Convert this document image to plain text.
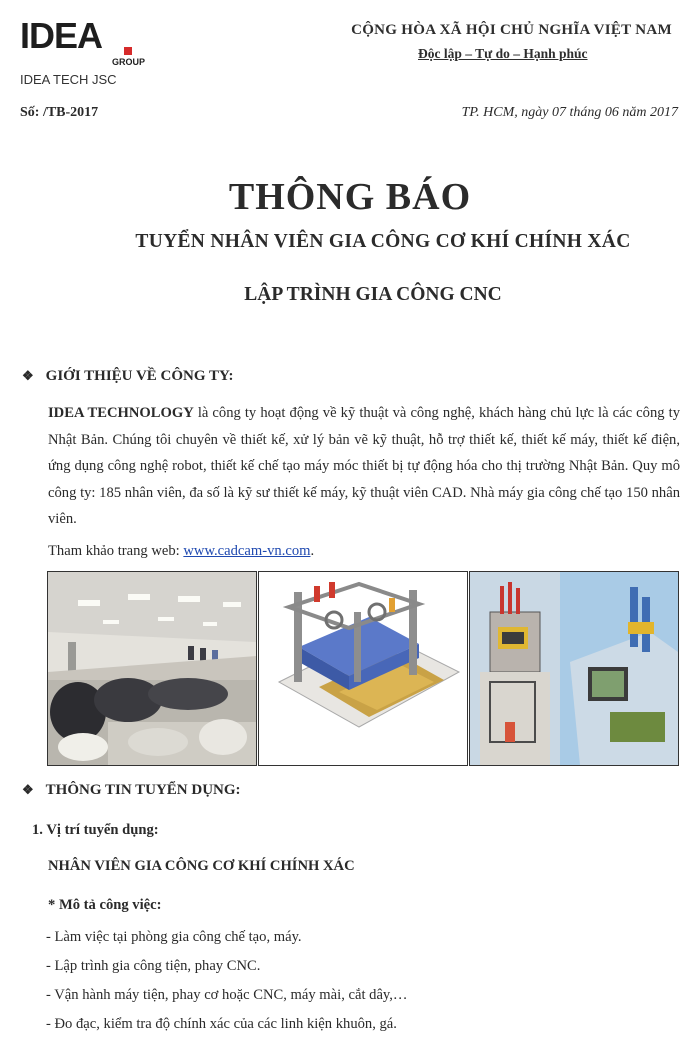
IDEA
GROUP
IDEA TECH JSC
CỘNG HÒA XÃ HỘI CHỦ NGHĨA VIỆT NAM
Độc lập – Tự do – Hạnh phúc
Số: /TB-2017	TP. HCM, ngày 07 tháng 06 năm 2017
THÔNG BÁO
TUYỂN NHÂN VIÊN GIA CÔNG CƠ KHÍ CHÍNH XÁC
LẬP TRÌNH GIA CÔNG CNC
❖ GIỚI THIỆU VỀ CÔNG TY:
IDEA TECHNOLOGY là công ty hoạt động về kỹ thuật và công nghệ, khách hàng chủ lực là các công ty Nhật Bản. Chúng tôi chuyên về thiết kế, xử lý bản vẽ kỹ thuật, hỗ trợ thiết kế, thiết kế máy, thiết kế điện, ứng dụng công nghệ robot, thiết kế chế tạo máy móc thiết bị tự động hóa cho thị trường Nhật Bản. Quy mô công ty: 185 nhân viên, đa số là kỹ sư thiết kế máy, kỹ thuật viên CAD. Nhà máy gia công chế tạo 150 nhân viên.
Tham khảo trang web: www.cadcam-vn.com.
❖ THÔNG TIN TUYỂN DỤNG:
1. Vị trí tuyển dụng:
NHÂN VIÊN GIA CÔNG CƠ KHÍ CHÍNH XÁC
* Mô tả công việc:
- Làm việc tại phòng gia công chế tạo, máy.
- Lập trình gia công tiện, phay CNC.
- Vận hành máy tiện, phay cơ hoặc CNC, máy mài, cắt dây,…
- Đo đạc, kiểm tra độ chính xác của các linh kiện khuôn, gá.
